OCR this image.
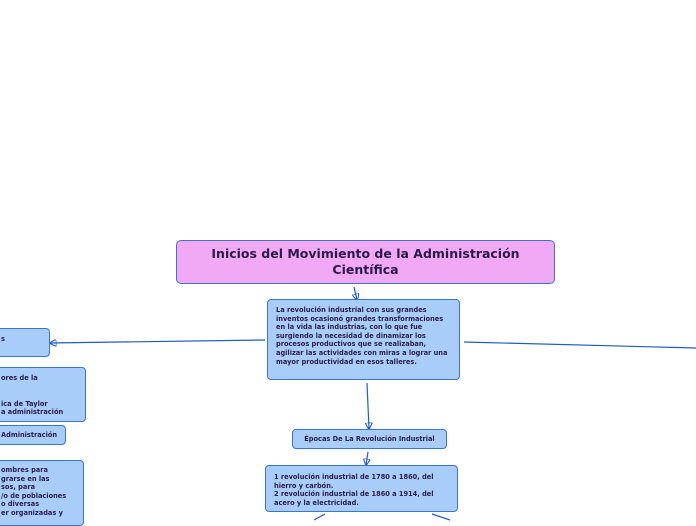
Inicios del Movimiento de la Administración Científica
La revolución industrial con sus grandes inventos ocasionó grandes transformaciones en la vida las industrias, con lo que fue surgiendo la necesidad de dinamizar los procesos productivos que se realizaban, agilizar las actividades con miras a lograr una mayor productividad en esos talleres.
Épocas De La Revolución Industrial
1 revolución industrial de 1780 a 1860, del hierro y carbón.
2 revolución industrial de 1860 a 1914, del acero y la electricidad.
s
ores de la

ica de Taylor
a administración
Administración
ombres para
grarse en las
sos, para
/o de poblaciones
o diversas
er organizadas y
